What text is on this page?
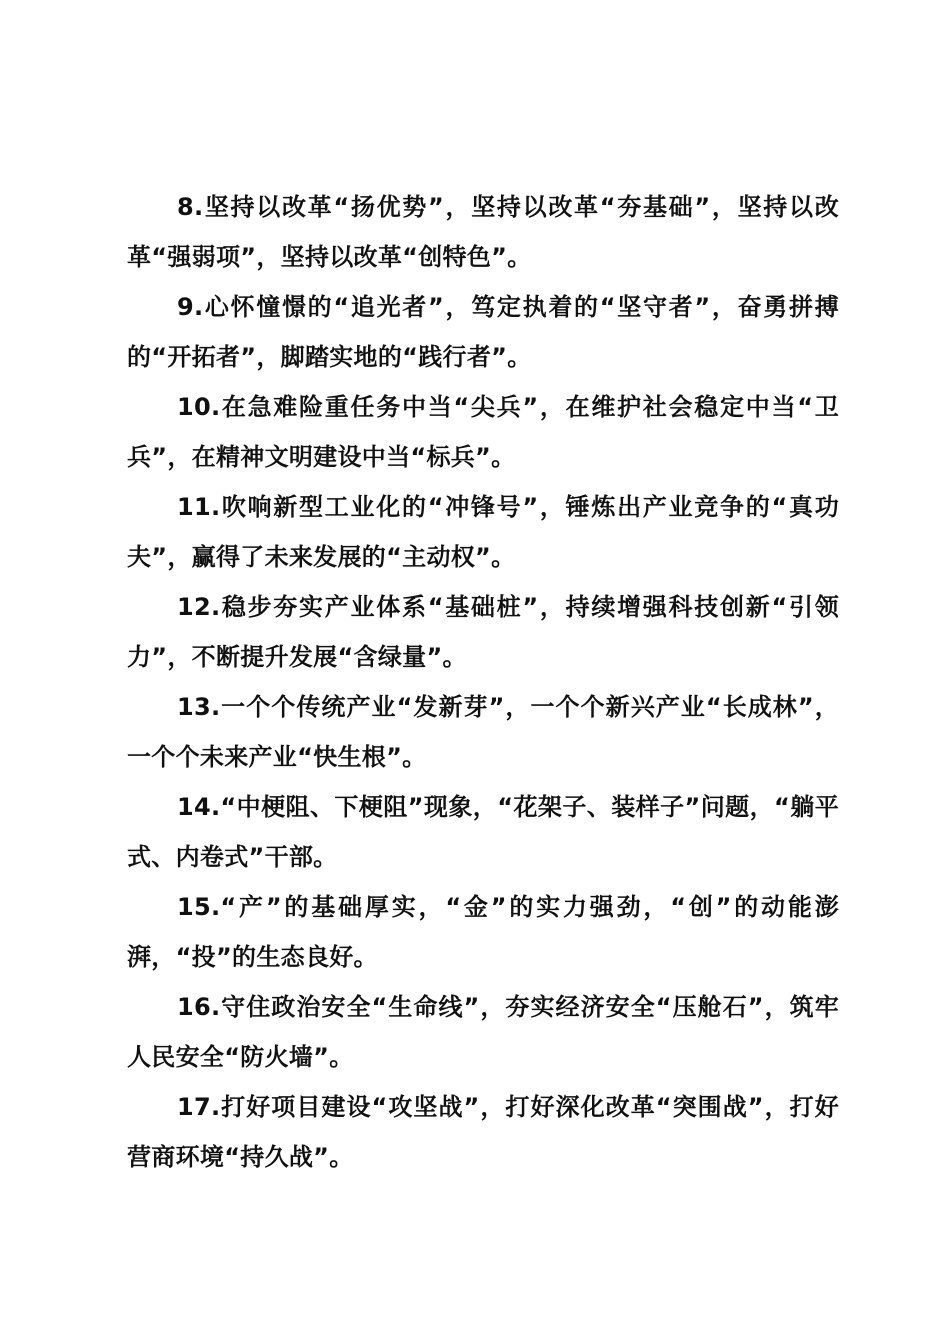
8.坚持以改革“扬优势”，坚持以改革“夯基础”，坚持以改革“强弱项”，坚持以改革“创特色”。

9.心怀憧憬的“追光者”，笃定执着的“坚守者”，奋勇拼搏的“开拓者”，脚踏实地的“践行者”。

10.在急难险重任务中当“尖兵”，在维护社会稳定中当“卫兵”，在精神文明建设中当“标兵”。

11.吹响新型工业化的“冲锋号”，锤炼出产业竞争的“真功夫”，赢得了未来发展的“主动权”。

12.稳步夯实产业体系“基础桩”，持续增强科技创新“引领力”，不断提升发展“含绿量”。

13.一个个传统产业“发新芽”，一个个新兴产业“长成林”，一个个未来产业“快生根”。

14.“中梗阻、下梗阻”现象，“花架子、装样子”问题，“躺平式、内卷式”干部。

15.“产”的基础厚实，“金”的实力强劲，“创”的动能澎湃，“投”的生态良好。

16.守住政治安全“生命线”，夯实经济安全“压舱石”，筑牢人民安全“防火墙”。

17.打好项目建设“攻坚战”，打好深化改革“突围战”，打好营商环境“持久战”。
